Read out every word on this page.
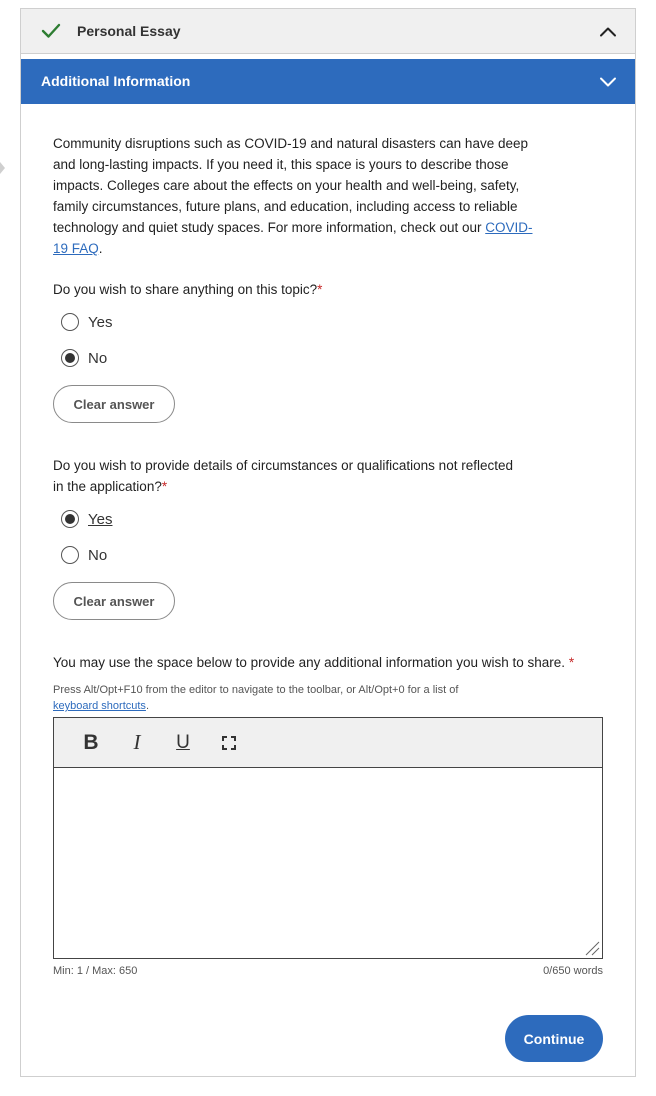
Personal Essay
Additional Information
Community disruptions such as COVID-19 and natural disasters can have deep and long-lasting impacts. If you need it, this space is yours to describe those impacts. Colleges care about the effects on your health and well-being, safety, family circumstances, future plans, and education, including access to reliable technology and quiet study spaces. For more information, check out our COVID-19 FAQ.
Do you wish to share anything on this topic?*
Yes
No
Clear answer
Do you wish to provide details of circumstances or qualifications not reflected in the application?*
Yes
No
Clear answer
You may use the space below to provide any additional information you wish to share. *
Press Alt/Opt+F10 from the editor to navigate to the toolbar, or Alt/Opt+0 for a list of
keyboard shortcuts.
B	I	U
Min: 1 / Max: 650	0/650 words
Continue
